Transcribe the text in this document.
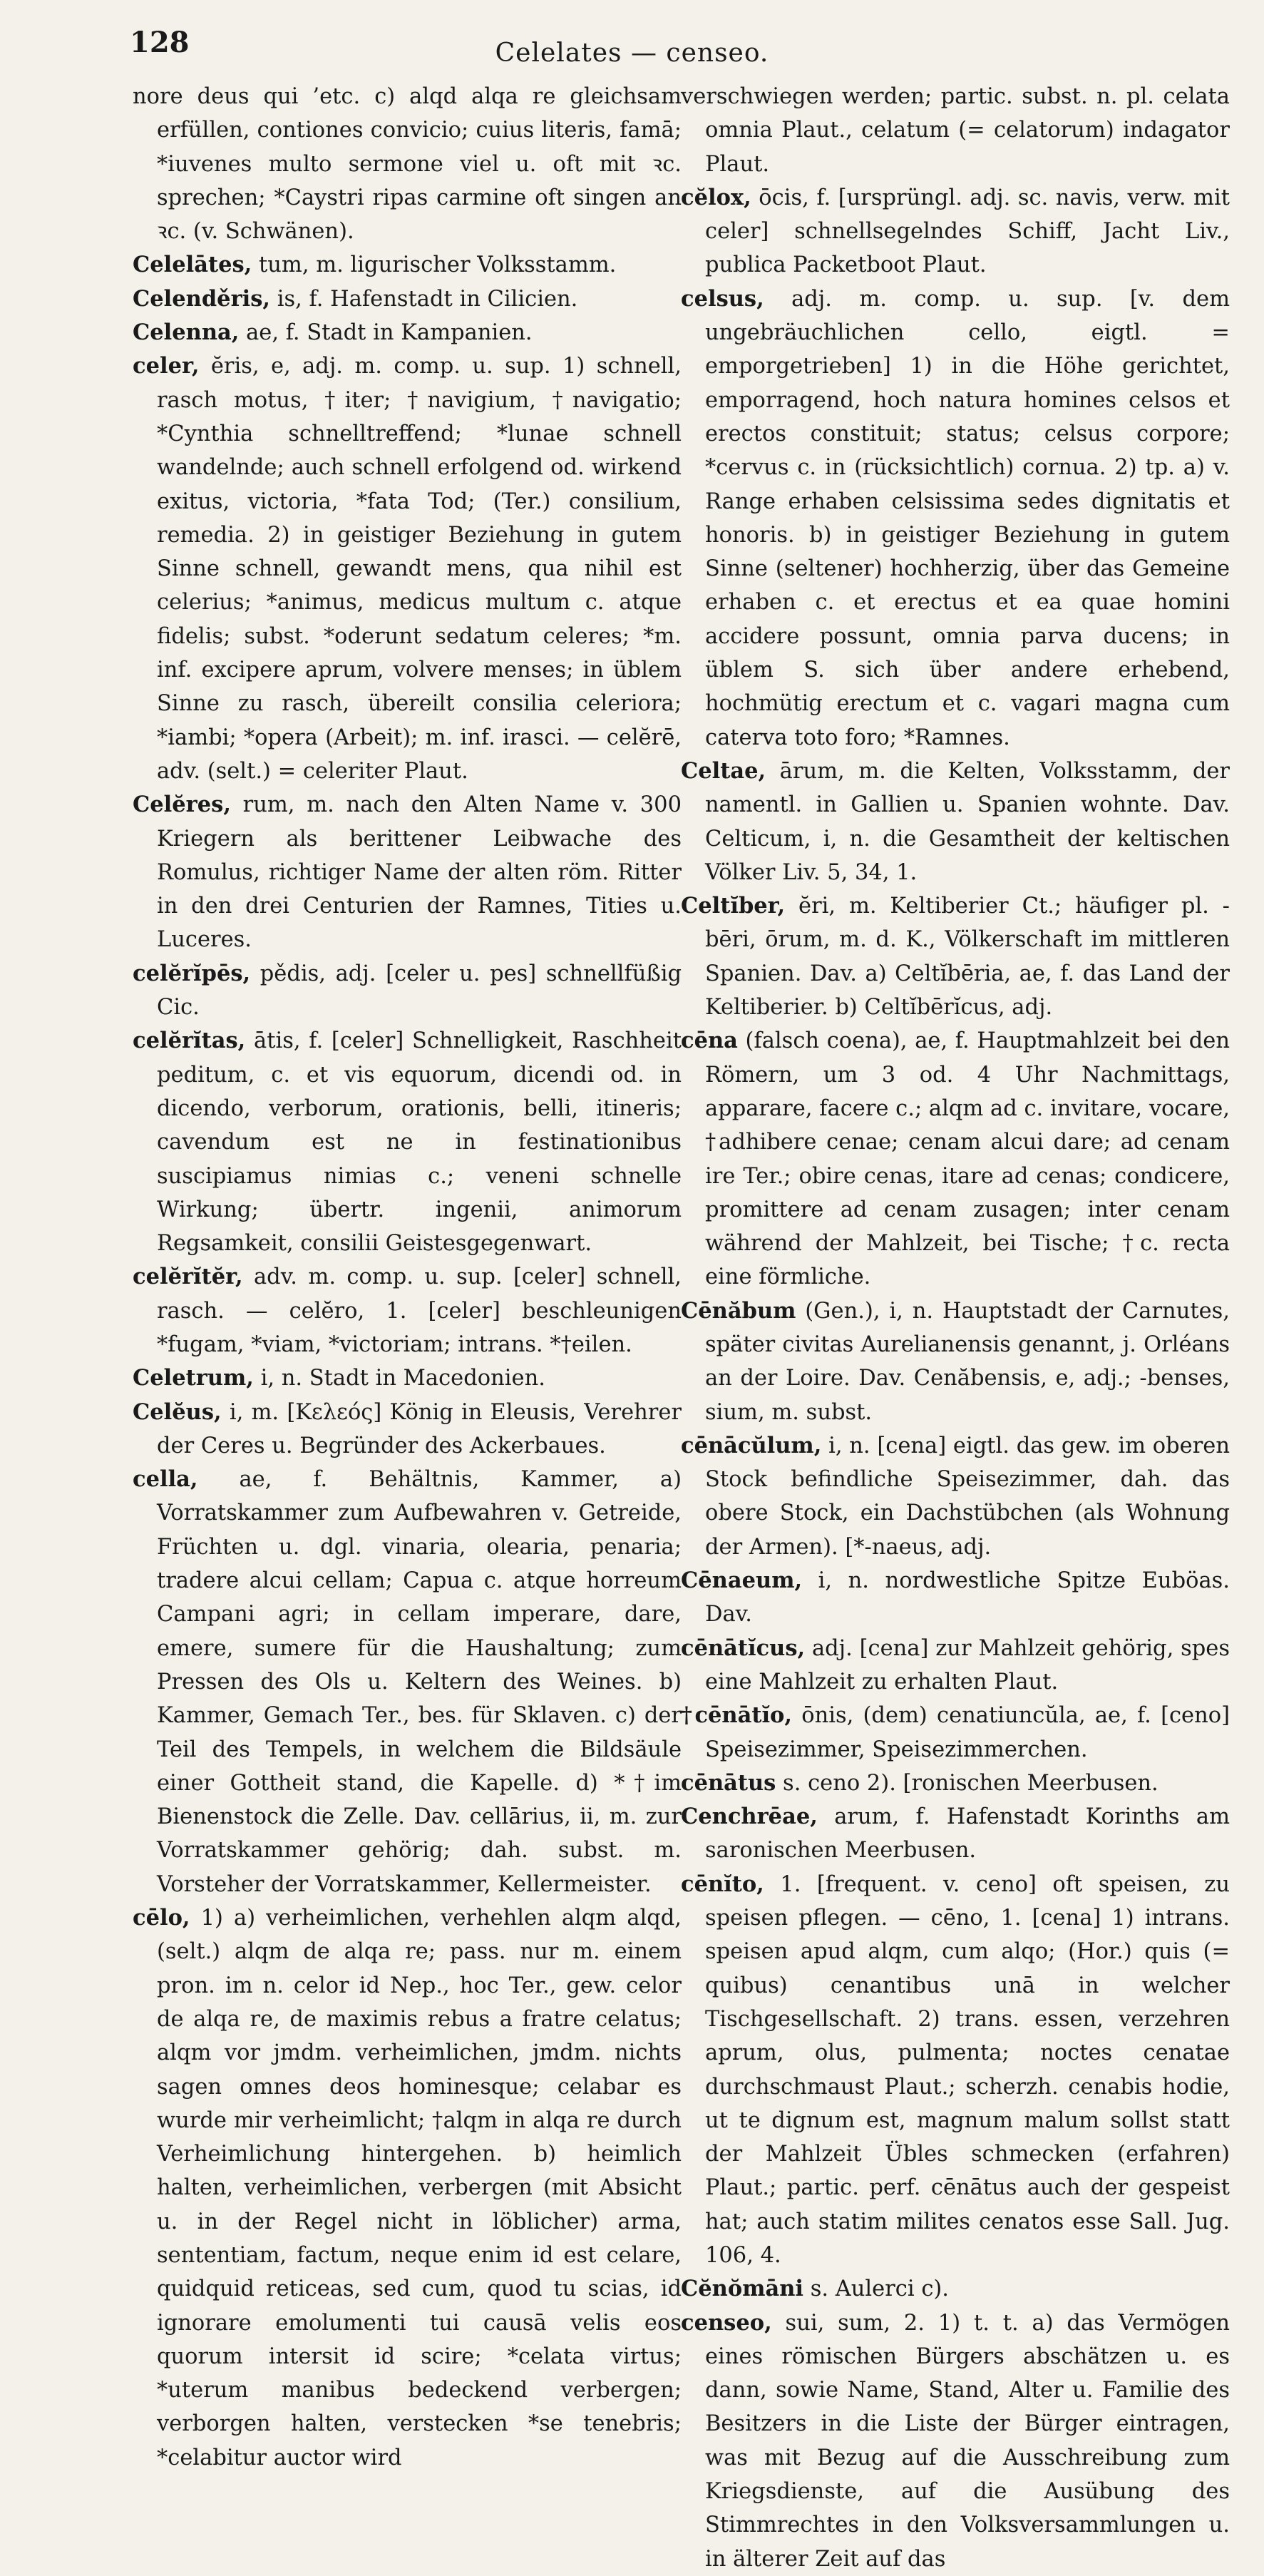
128	Celelates — censeo.

nore deus qui ’etc. c) alqd alqa re gleichsam erfüllen, contiones convicio; cuius literis, famā; *iuvenes multo sermone viel u. oft mit ꝛc. sprechen; *Caystri ripas carmine oft singen an ꝛc. (v. Schwänen).

Celelātes, tum, m. ligurischer Volksstamm.

Celenděris, is, f. Hafenstadt in Cilicien.

Celenna, ae, f. Stadt in Kampanien.

celer, ĕris, e, adj. m. comp. u. sup. 1) schnell, rasch motus, †iter; †navigium, †navigatio; *Cynthia schnelltreffend; *lunae schnell wandelnde; auch schnell erfolgend od. wirkend exitus, victoria, *fata Tod; (Ter.) consilium, remedia. 2) in geistiger Beziehung in gutem Sinne schnell, gewandt mens, qua nihil est celerius; *animus, medicus multum c. atque fidelis; subst. *oderunt sedatum celeres; *m. inf. excipere aprum, volvere menses; in üblem Sinne zu rasch, übereilt consilia celeriora; *iambi; *opera (Arbeit); m. inf. irasci. — celĕrē, adv. (selt.) = celeriter Plaut.

Celĕres, rum, m. nach den Alten Name v. 300 Kriegern als berittener Leibwache des Romulus, richtiger Name der alten röm. Ritter in den drei Centurien der Ramnes, Tities u. Luceres.

celĕrĭpēs, pědis, adj. [celer u. pes] schnellfüßig Cic.

celĕrĭtas, ātis, f. [celer] Schnelligkeit, Raschheit peditum, c. et vis equorum, dicendi od. in dicendo, verborum, orationis, belli, itineris; cavendum est ne in festinationibus suscipiamus nimias c.; veneni schnelle Wirkung; übertr. ingenii, animorum Regsamkeit, consilii Geistesgegenwart.

celĕrĭtĕr, adv. m. comp. u. sup. [celer] schnell, rasch. — celĕro, 1. [celer] beschleunigen *fugam, *viam, *victoriam; intrans. *†eilen.

Celetrum, i, n. Stadt in Macedonien.

Celĕus, i, m. [Κελεός] König in Eleusis, Verehrer der Ceres u. Begründer des Ackerbaues.

cella, ae, f. Behältnis, Kammer, a) Vorratskammer zum Aufbewahren v. Getreide, Früchten u. dgl. vinaria, olearia, penaria; tradere alcui cellam; Capua c. atque horreum Campani agri; in cellam imperare, dare, emere, sumere für die Haushaltung; zum Pressen des Ols u. Keltern des Weines. b) Kammer, Gemach Ter., bes. für Sklaven. c) der Teil des Tempels, in welchem die Bildsäule einer Gottheit stand, die Kapelle. d) *†im Bienenstock die Zelle. Dav. cellārius, ii, m. zur Vorratskammer gehörig; dah. subst. m. Vorsteher der Vorratskammer, Kellermeister.

cēlo, 1) a) verheimlichen, verhehlen alqm alqd, (selt.) alqm de alqa re; pass. nur m. einem pron. im n. celor id Nep., hoc Ter., gew. celor de alqa re, de maximis rebus a fratre celatus; alqm vor jmdm. verheimlichen, jmdm. nichts sagen omnes deos hominesque; celabar es wurde mir verheimlicht; †alqm in alqa re durch Verheimlichung hintergehen. b) heimlich halten, verheimlichen, verbergen (mit Absicht u. in der Regel nicht in löblicher) arma, sententiam, factum, neque enim id est celare, quidquid reticeas, sed cum, quod tu scias, id ignorare emolumenti tui causā velis eos quorum intersit id scire; *celata virtus; *uterum manibus bedeckend verbergen; verborgen halten, verstecken *se tenebris; *celabitur auctor wird

verschwiegen werden; partic. subst. n. pl. celata omnia Plaut., celatum (= celatorum) indagator Plaut.

cĕlox, ōcis, f. [ursprüngl. adj. sc. navis, verw. mit celer] schnellsegelndes Schiff, Jacht Liv., publica Packetboot Plaut.

celsus, adj. m. comp. u. sup. [v. dem ungebräuchlichen cello, eigtl. = emporgetrieben] 1) in die Höhe gerichtet, emporragend, hoch natura homines celsos et erectos constituit; status; celsus corpore; *cervus c. in (rücksichtlich) cornua. 2) tp. a) v. Range erhaben celsissima sedes dignitatis et honoris. b) in geistiger Beziehung in gutem Sinne (seltener) hochherzig, über das Gemeine erhaben c. et erectus et ea quae homini accidere possunt, omnia parva ducens; in üblem S. sich über andere erhebend, hochmütig erectum et c. vagari magna cum caterva toto foro; *Ramnes.

Celtae, ārum, m. die Kelten, Volksstamm, der namentl. in Gallien u. Spanien wohnte. Dav. Celticum, i, n. die Gesamtheit der keltischen Völker Liv. 5, 34, 1.

Celtĭber, ĕri, m. Keltiberier Ct.; häufiger pl. -bēri, ōrum, m. d. K., Völkerschaft im mittleren Spanien. Dav. a) Celtĭbēria, ae, f. das Land der Keltiberier. b) Celtĭbērĭcus, adj.

cēna (falsch coena), ae, f. Hauptmahlzeit bei den Römern, um 3 od. 4 Uhr Nachmittags, apparare, facere c.; alqm ad c. invitare, vocare, †adhibere cenae; cenam alcui dare; ad cenam ire Ter.; obire cenas, itare ad cenas; condicere, promittere ad cenam zusagen; inter cenam während der Mahlzeit, bei Tische; †c. recta eine förmliche.

Cēnăbum (Gen.), i, n. Hauptstadt der Carnutes, später civitas Aurelianensis genannt, j. Orléans an der Loire. Dav. Cenăbensis, e, adj.; -benses, sium, m. subst.

cēnācŭlum, i, n. [cena] eigtl. das gew. im oberen Stock befindliche Speisezimmer, dah. das obere Stock, ein Dachstübchen (als Wohnung der Armen). [*-naeus, adj.

Cēnaeum, i, n. nordwestliche Spitze Euböas. Dav.

cēnātĭcus, adj. [cena] zur Mahlzeit gehörig, spes eine Mahlzeit zu erhalten Plaut.

†cēnātĭo, ōnis, (dem) cenatiuncŭla, ae, f. [ceno] Speisezimmer, Speisezimmerchen.

cēnātus s. ceno 2). [ronischen Meerbusen.

Cenchrēae, arum, f. Hafenstadt Korinths am saronischen Meerbusen.

cēnĭto, 1. [frequent. v. ceno] oft speisen, zu speisen pflegen. — cēno, 1. [cena] 1) intrans. speisen apud alqm, cum alqo; (Hor.) quis (= quibus) cenantibus unā in welcher Tischgesellschaft. 2) trans. essen, verzehren aprum, olus, pulmenta; noctes cenatae durchschmaust Plaut.; scherzh. cenabis hodie, ut te dignum est, magnum malum sollst statt der Mahlzeit Übles schmecken (erfahren) Plaut.; partic. perf. cēnātus auch der gespeist hat; auch statim milites cenatos esse Sall. Jug. 106, 4.

Cĕnŏmāni s. Aulerci c).

censeo, sui, sum, 2. 1) t. t. a) das Vermögen eines römischen Bürgers abschätzen u. es dann, sowie Name, Stand, Alter u. Familie des Besitzers in die Liste der Bürger eintragen, was mit Bezug auf die Ausschreibung zum Kriegsdienste, auf die Ausübung des Stimmrechtes in den Volksversammlungen u. in älterer Zeit auf das
